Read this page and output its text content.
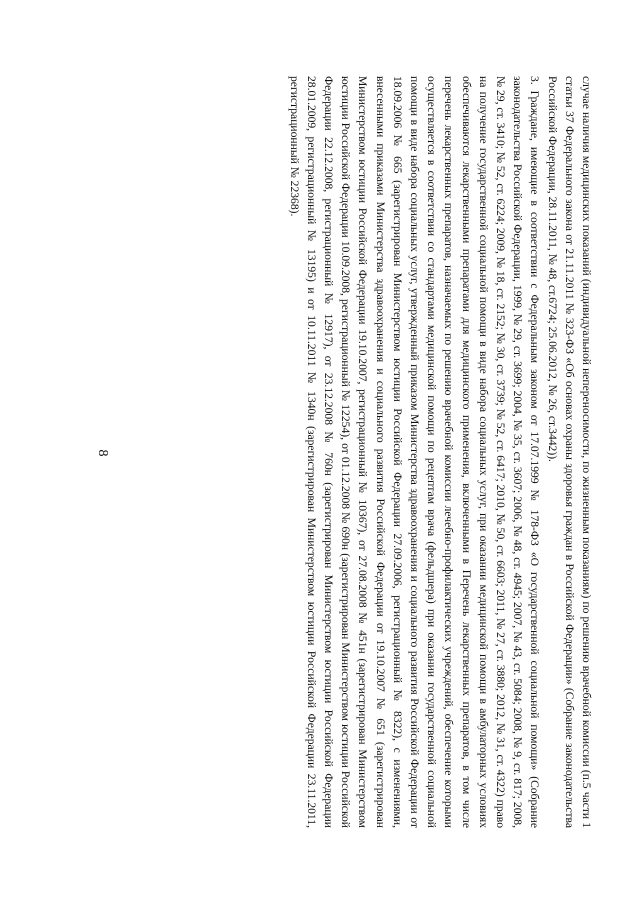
8	случае наличия медицинских показаний (индивидуальной непереносимости, по жизненным показаниям) по решению врачебной комиссии (п.5 части 1 статьи 37 Федерального закона от 21.11.2011 № 323-ФЗ «Об основах охраны здоровья граждан в Российской Федерации» (Собрание законодательства Российской Федерации, 28.11.2011, № 48, ст.6724; 25.06.2012, № 26, ст.3442)).

3. Граждане, имеющие в соответствии с Федеральным законом от 17.07.1999 № 178-ФЗ «О государственной социальной помощи» (Собрание законодательства Российской Федерации, 1999, № 29, ст. 3699; 2004, № 35, ст. 3607; 2006, № 48, ст. 4945; 2007, № 43, ст. 5084; 2008, № 9, ст. 817; 2008, № 29, ст. 3410; № 52, ст. 6224; 2009, № 18, ст. 2152; № 30, ст. 3739; № 52, ст. 6417; 2010, № 50, ст. 6603; 2011, № 27, ст. 3880; 2012, № 31, ст. 4322) право на получение государственной социальной помощи в виде набора социальных услуг, при оказании медицинской помощи в амбулаторных условиях обеспечиваются лекарственными препаратами для медицинского применения, включенными в Перечень лекарственных препаратов, в том числе перечень лекарственных препаратов, назначаемых по решению врачебной комиссии лечебно-профилактических учреждений, обеспечение которыми осуществляется в соответствии со стандартами медицинской помощи по рецептам врача (фельдшера) при оказании государственной социальной помощи в виде набора социальных услуг, утвержденный приказом Министерства здравоохранения и социального развития Российской Федерации от 18.09.2006 № 665 (зарегистрирован Министерством юстиции Российской Федерации 27.09.2006, регистрационный № 8322), с изменениями, внесенными приказами Министерства здравоохранения и социального развития Российской Федерации от 19.10.2007 № 651 (зарегистрирован Министерством юстиции Российской Федерации 19.10.2007, регистрационный № 10367), от 27.08.2008 № 451н (зарегистрирован Министерством юстиции Российской Федерации 10.09.2008, регистрационный № 12254), от 01.12.2008 № 690н (зарегистрирован Министерством юстиции Российской Федерации 22.12.2008, регистрационный № 12917), от 23.12.2008 № 760н (зарегистрирован Министерством юстиции Российской Федерации 28.01.2009, регистрационный № 13195) и от 10.11.2011 № 1340н (зарегистрирован Министерством юстиции Российской Федерации 23.11.2011, регистрационный № 22368).
